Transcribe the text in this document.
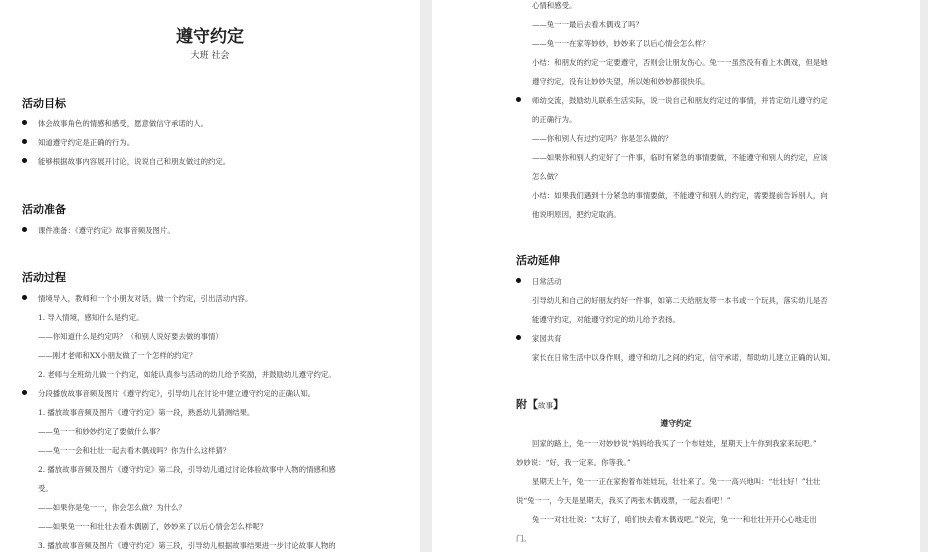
遵守约定
大班 社会
活动目标
体会故事角色的情感和感受，愿意做信守承诺的人。
知道遵守约定是正确的行为。
能够根据故事内容展开讨论，说说自己和朋友做过的约定。
活动准备
课件准备：《遵守约定》故事音频及图片。
活动过程
情境导入，教师和一个小朋友对话，做一个约定，引出活动内容。
1. 导入情境，感知什么是约定。
——你知道什么是约定吗？（和别人说好要去做的事情）
——刚才老师和XX小朋友做了一个怎样的约定？
2. 老师与全班幼儿做一个约定，如能认真参与活动的幼儿给予奖励，并鼓励幼儿遵守约定。
分段播放故事音频及图片《遵守约定》，引导幼儿在讨论中建立遵守约定的正确认知。
1. 播放故事音频及图片《遵守约定》第一段，熟悉幼儿猜测结果。
——兔一一和妙妙约定了要做什么事？
——兔一一会和壮壮一起去看木偶戏吗？你为什么这样猜？
2. 播放故事音频及图片《遵守约定》第二段，引导幼儿通过讨论体验故事中人物的情感和感
受。
——如果你是兔一一，你会怎么做？为什么？
——如果兔一一和壮壮去看木偶剧了，妙妙来了以后心情会怎么样呢？
3. 播放故事音频及图片《遵守约定》第三段，引导幼儿根据故事结果进一步讨论故事人物的
心情和感受。
——兔一一最后去看木偶戏了吗？
——兔一一在家等妙妙，妙妙来了以后心情会怎么样？
小结：和朋友的约定一定要遵守，否则会让朋友伤心。兔一一虽然没有看上木偶戏，但是她
遵守约定，没有让妙妙失望，所以她和妙妙都很快乐。
师幼交流，鼓励幼儿联系生活实际，说一说自己和朋友约定过的事情，并肯定幼儿遵守约定
的正确行为。
——你和别人有过约定吗？你是怎么做的？
——如果你和别人约定好了一件事，临时有紧急的事情要做，不能遵守和别人的约定，应该
怎么做？
小结：如果我们遇到十分紧急的事情要做，不能遵守和别人的约定，需要提前告诉别人，向
他说明原因，把约定取消。
活动延伸
日常活动
引导幼儿和自己的好朋友约好一件事，如第二天给朋友带一本书或一个玩具，落实幼儿是否
能遵守约定，对能遵守约定的幼儿给予表扬。
家园共育
家长在日常生活中以身作则，遵守和幼儿之间的约定，信守承诺，帮助幼儿建立正确的认知。
附【故事】
遵守约定
回家的路上，兔一一对妙妙说“妈妈给我买了一个布娃娃，星期天上午你到我家来玩吧。”
妙妙说：“好，我一定来。你等我。”
星期天上午，兔一一正在家抱着布娃娃玩，壮壮来了。兔一一高兴地叫：“壮壮好！”壮壮
说“兔一一，今天是星期天，我买了两张木偶戏票，一起去看吧！”
兔一一对壮壮说：“太好了，咱们快去看木偶戏吧。”说完，兔一一和壮壮开开心心地走出
门。
